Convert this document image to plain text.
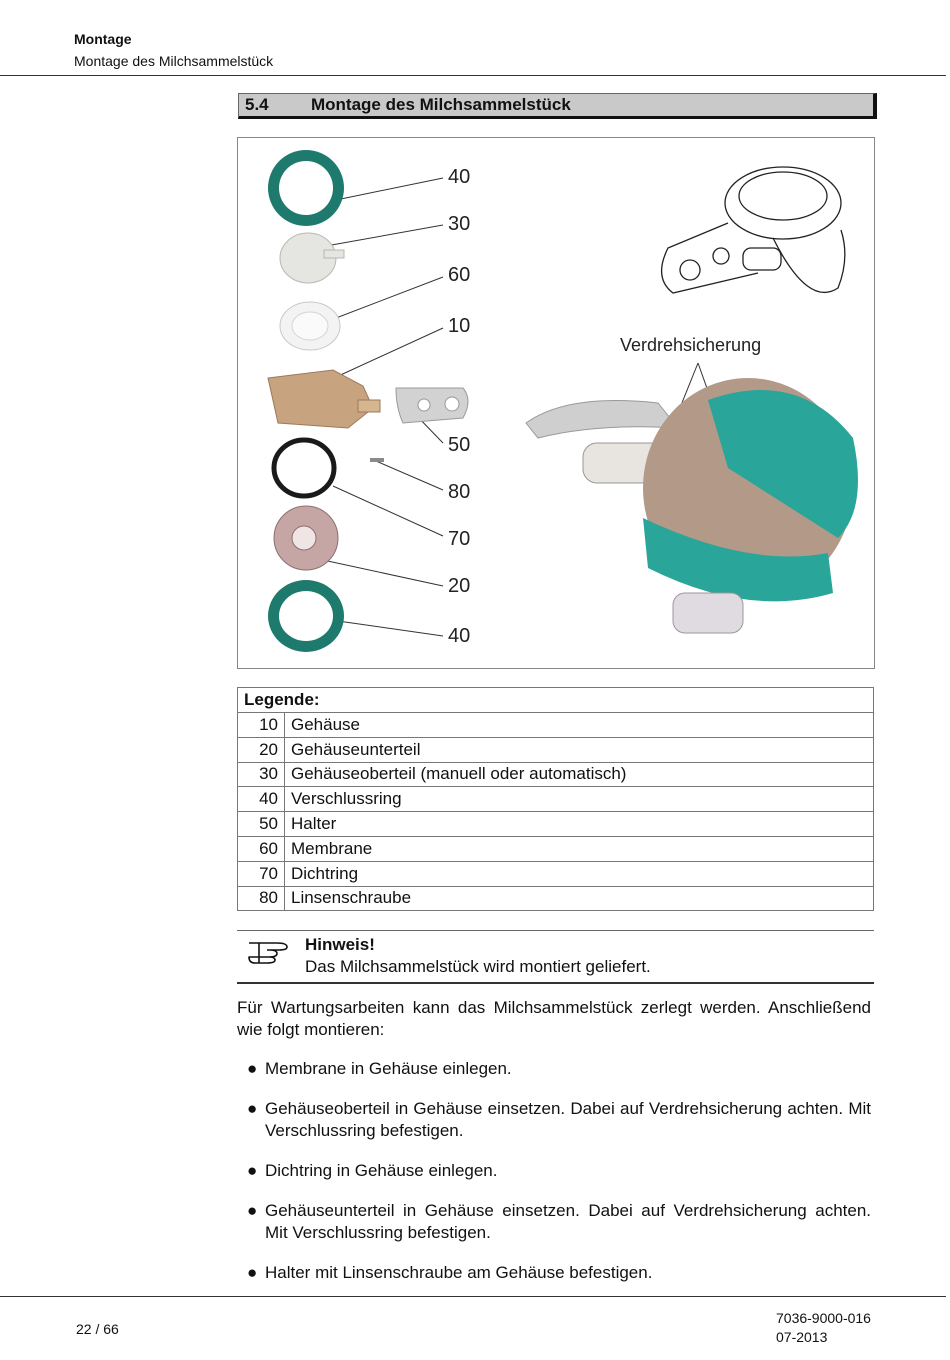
Montage
Montage des Milchsammelstück
5.4 Montage des Milchsammelstück
40
30
60
10
50
80
70
20
40
Verdrehsicherung
Legende:	
10	Gehäuse
20	Gehäuseunterteil
30	Gehäuseoberteil (manuell oder automatisch)
40	Verschlussring
50	Halter
60	Membrane
70	Dichtring
80	Linsenschraube
Hinweis!
Das Milchsammelstück wird montiert geliefert.
Für Wartungsarbeiten kann das Milchsammelstück zerlegt werden. Anschließend wie folgt montieren:
● Membrane in Gehäuse einlegen.
● Gehäuseoberteil in Gehäuse einsetzen. Dabei auf Verdrehsicherung achten. Mit Verschlussring befestigen.
● Dichtring in Gehäuse einlegen.
● Gehäuseunterteil in Gehäuse einsetzen. Dabei auf Verdrehsicherung achten. Mit Verschlussring befestigen.
● Halter mit Linsenschraube am Gehäuse befestigen.
22 / 66
7036-9000-016
07-2013
